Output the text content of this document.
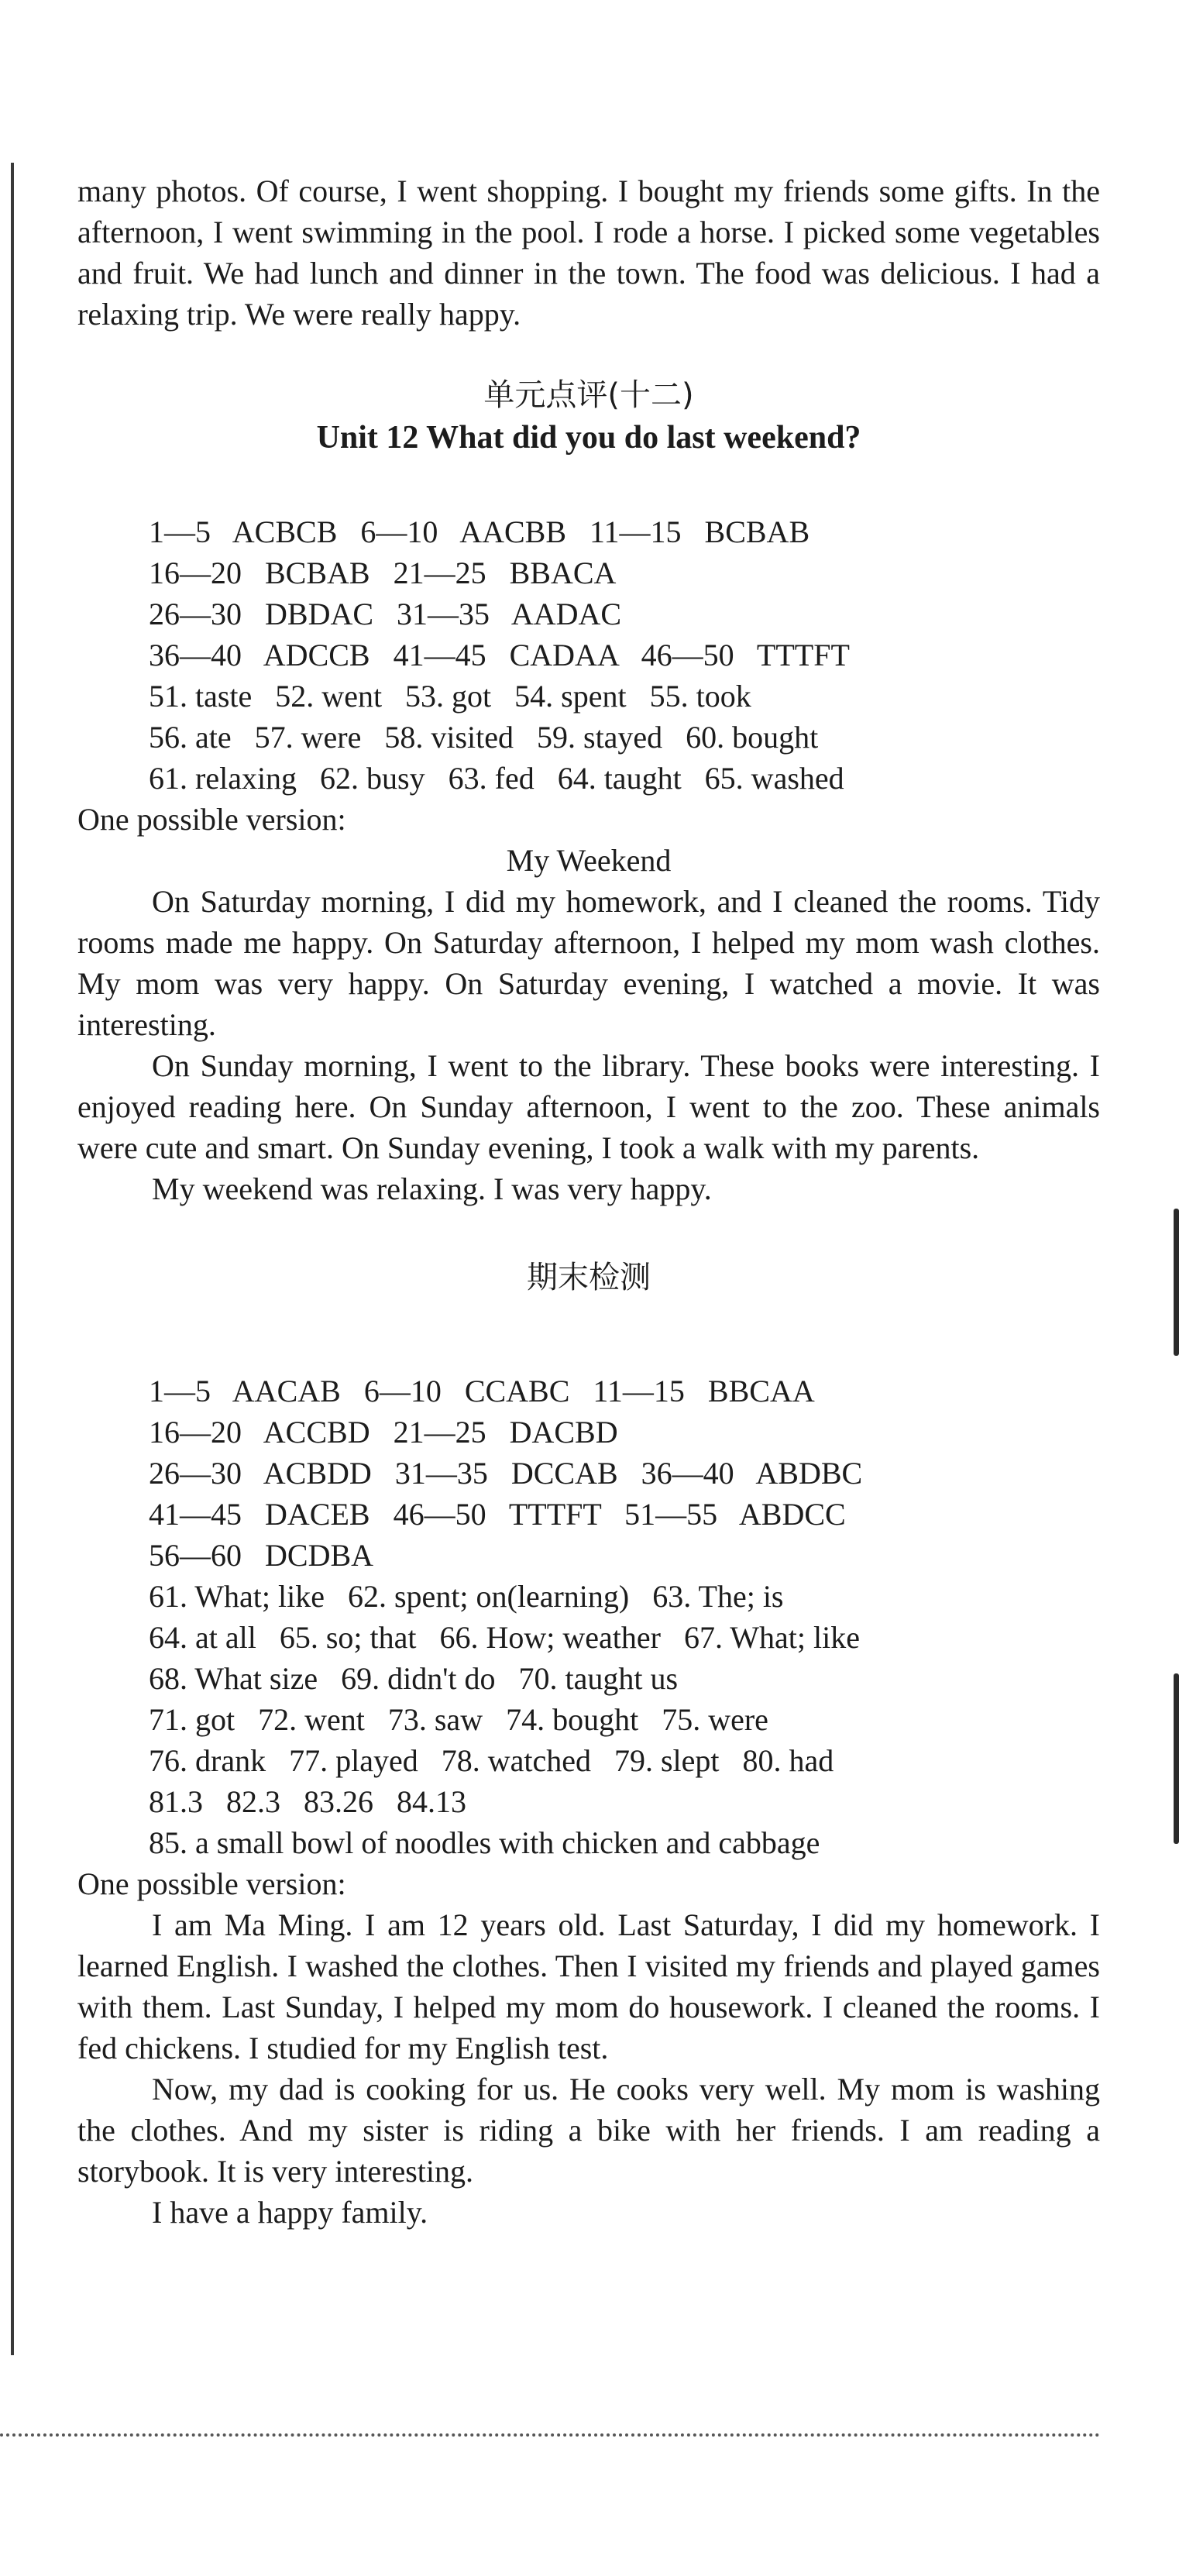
many photos. Of course, I went shopping. I bought my friends some gifts. In the afternoon, I went swimming in the pool. I rode a horse. I picked some vegetables and fruit. We had lunch and dinner in the town. The food was delicious. I had a relaxing trip. We were really happy.

单元点评(十二)
Unit 12 What did you do last weekend?

1—5   ACBCB   6—10   AACBB   11—15   BCBAB

16—20   BCBAB   21—25   BBACA

26—30   DBDAC   31—35   AADAC

36—40   ADCCB   41—45   CADAA   46—50   TTTFT

51. taste   52. went   53. got   54. spent   55. took

56. ate   57. were   58. visited   59. stayed   60. bought

61. relaxing   62. busy   63. fed   64. taught   65. washed

One possible version:

My Weekend

On Saturday morning, I did my homework, and I cleaned the rooms. Tidy rooms made me happy. On Saturday afternoon, I helped my mom wash clothes. My mom was very happy. On Saturday evening, I watched a movie. It was interesting.

On Sunday morning, I went to the library. These books were interesting. I enjoyed reading here. On Sunday afternoon, I went to the zoo. These animals were cute and smart. On Sunday evening, I took a walk with my parents.

My weekend was relaxing. I was very happy.

期末检测

1—5   AACAB   6—10   CCABC   11—15   BBCAA

16—20   ACCBD   21—25   DACBD

26—30   ACBDD   31—35   DCCAB   36—40   ABDBC

41—45   DACEB   46—50   TTTFT   51—55   ABDCC

56—60   DCDBA

61. What; like   62. spent; on(learning)   63. The; is

64. at all   65. so; that   66. How; weather   67. What; like

68. What size   69. didn't do   70. taught us

71. got   72. went   73. saw   74. bought   75. were

76. drank   77. played   78. watched   79. slept   80. had

81.3   82.3   83.26   84.13

85. a small bowl of noodles with chicken and cabbage

One possible version:

I am Ma Ming. I am 12 years old. Last Saturday, I did my homework. I learned English. I washed the clothes. Then I visited my friends and played games with them. Last Sunday, I helped my mom do housework. I cleaned the rooms. I fed chickens. I studied for my English test.

Now, my dad is cooking for us. He cooks very well. My mom is washing the clothes. And my sister is riding a bike with her friends. I am reading a storybook. It is very interesting.

I have a happy family.
